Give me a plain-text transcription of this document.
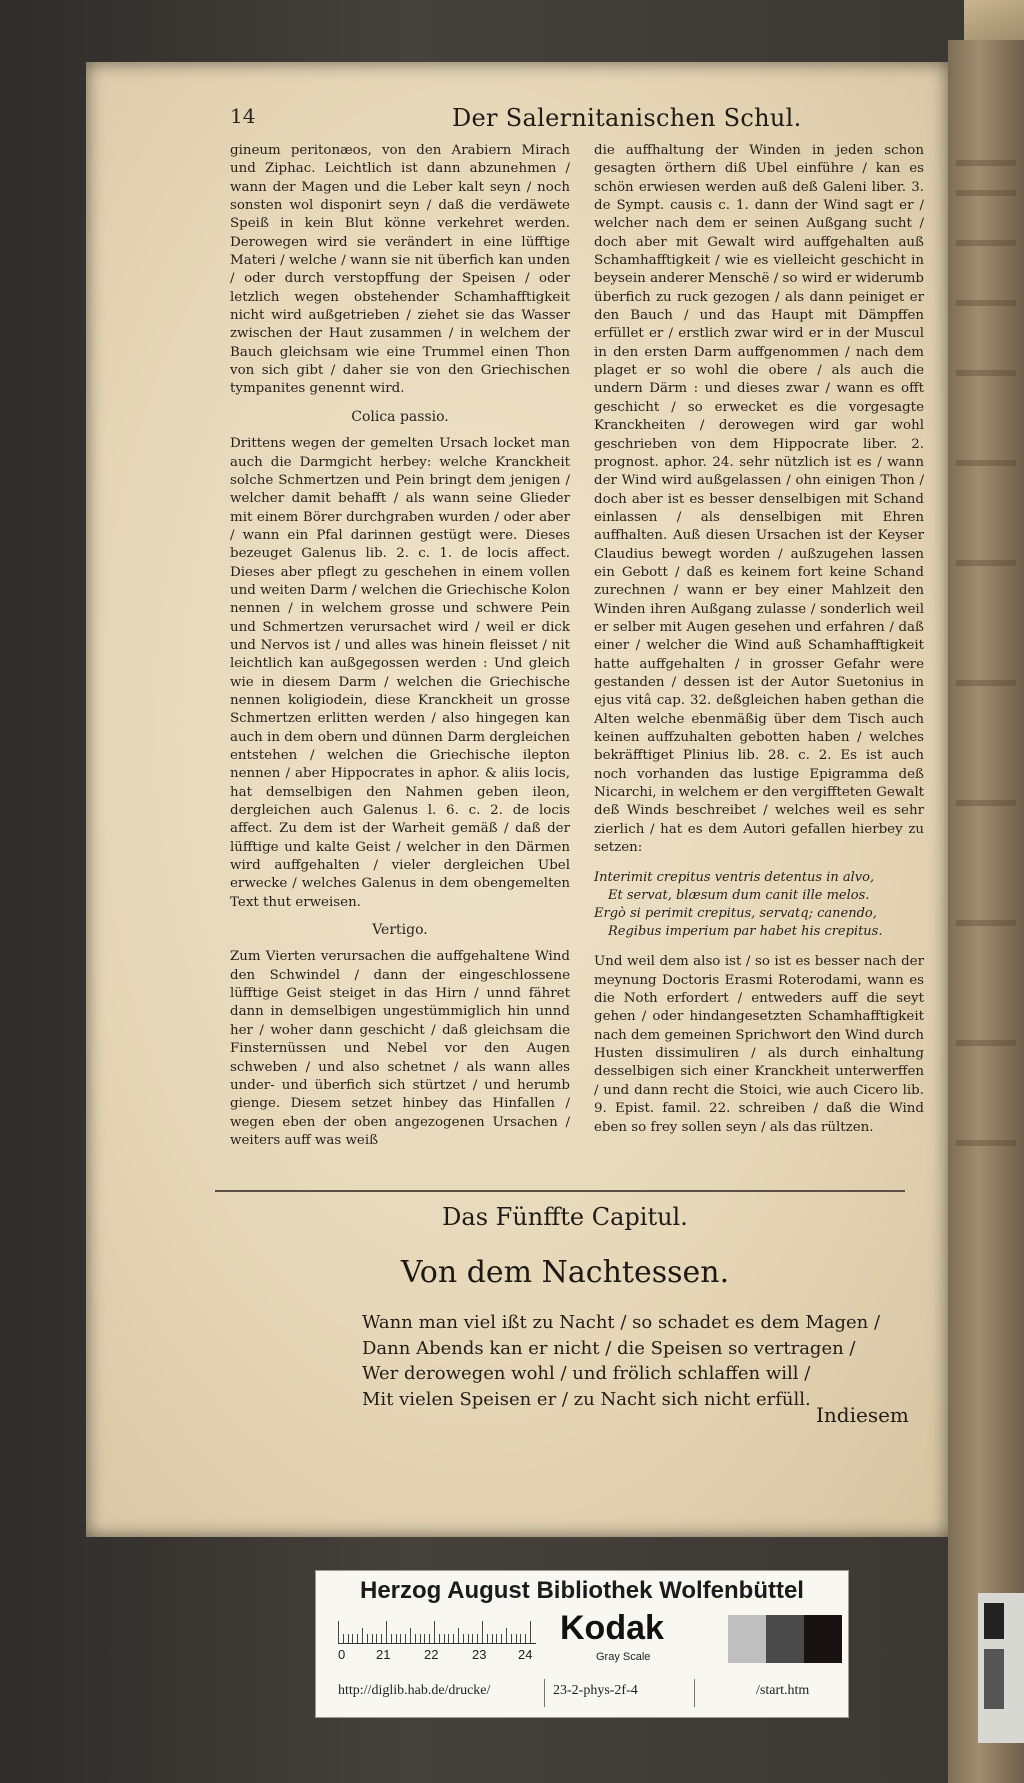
14	Der Salernitanischen Schul.

gineum peritonæos, von den Arabiern Mirach und Ziphac. Leichtlich ist dann abzunehmen / wann der Magen und die Leber kalt seyn / noch sonsten wol disponirt seyn / daß die verdäwete Speiß in kein Blut könne verkehret werden. Derowegen wird sie verändert in eine lüfftige Materi / welche / wann sie nit überfich kan unden / oder durch verstopffung der Speisen / oder letzlich wegen obstehender Schamhafftigkeit nicht wird außgetrieben / ziehet sie das Wasser zwischen der Haut zusammen / in welchem der Bauch gleichsam wie eine Trummel einen Thon von sich gibt / daher sie von den Griechischen tympanites genennt wird.

Colica passio.

Drittens wegen der gemelten Ursach locket man auch die Darmgicht herbey: welche Kranckheit solche Schmertzen und Pein bringt dem jenigen / welcher damit behafft / als wann seine Glieder mit einem Börer durchgraben wurden / oder aber / wann ein Pfal darinnen gestügt were. Dieses bezeuget Galenus lib. 2. c. 1. de locis affect. Dieses aber pflegt zu geschehen in einem vollen und weiten Darm / welchen die Griechische Kolon nennen / in welchem grosse und schwere Pein und Schmertzen verursachet wird / weil er dick und Nervos ist / und alles was hinein fleisset / nit leichtlich kan außgegossen werden : Und gleich wie in diesem Darm / welchen die Griechische nennen koligiodein, diese Kranckheit un grosse Schmertzen erlitten werden / also hingegen kan auch in dem obern und dünnen Darm dergleichen entstehen / welchen die Griechische ilepton nennen / aber Hippocrates in aphor. & aliis locis, hat demselbigen den Nahmen geben ileon, dergleichen auch Galenus l. 6. c. 2. de locis affect. Zu dem ist der Warheit gemäß / daß der lüfftige und kalte Geist / welcher in den Därmen wird auffgehalten / vieler dergleichen Ubel erwecke / welches Galenus in dem obengemelten Text thut erweisen.

Vertigo.

Zum Vierten verursachen die auffgehaltene Wind den Schwindel / dann der eingeschlossene lüfftige Geist steiget in das Hirn / unnd fähret dann in demselbigen ungestümmiglich hin unnd her / woher dann geschicht / daß gleichsam die Finsternüssen und Nebel vor den Augen schweben / und also schetnet / als wann alles under- und überfich sich stürtzet / und herumb gienge. Diesem setzet hinbey das Hinfallen / wegen eben der oben angezogenen Ursachen / weiters auff was weiß

die auffhaltung der Winden in jeden schon gesagten örthern diß Ubel einführe / kan es schön erwiesen werden auß deß Galeni liber. 3. de Sympt. causis c. 1. dann der Wind sagt er / welcher nach dem er seinen Außgang sucht / doch aber mit Gewalt wird auffgehalten auß Schamhafftigkeit / wie es vielleicht geschicht in beysein anderer Menschë / so wird er widerumb überfich zu ruck gezogen / als dann peiniget er den Bauch / und das Haupt mit Dämpffen erfüllet er / erstlich zwar wird er in der Muscul in den ersten Darm auffgenommen / nach dem plaget er so wohl die obere / als auch die undern Därm : und dieses zwar / wann es offt geschicht / so erwecket es die vorgesagte Kranckheiten / derowegen wird gar wohl geschrieben von dem Hippocrate liber. 2. prognost. aphor. 24. sehr nützlich ist es / wann der Wind wird außgelassen / ohn einigen Thon / doch aber ist es besser denselbigen mit Schand einlassen / als denselbigen mit Ehren auffhalten. Auß diesen Ursachen ist der Keyser Claudius bewegt worden / außzugehen lassen ein Gebott / daß es keinem fort keine Schand zurechnen / wann er bey einer Mahlzeit den Winden ihren Außgang zulasse / sonderlich weil er selber mit Augen gesehen und erfahren / daß einer / welcher die Wind auß Schamhafftigkeit hatte auffgehalten / in grosser Gefahr were gestanden / dessen ist der Autor Suetonius in ejus vitâ cap. 32. deßgleichen haben gethan die Alten welche ebenmäßig über dem Tisch auch keinen auffzuhalten gebotten haben / welches bekräfftiget Plinius lib. 28. c. 2. Es ist auch noch vorhanden das lustige Epigramma deß Nicarchi, in welchem er den vergiffteten Gewalt deß Winds beschreibet / welches weil es sehr zierlich / hat es dem Autori gefallen hierbey zu setzen:

Interimit crepitus ventris detentus in alvo,
Et servat, blæsum dum canit ille melos.
Ergò si perimit crepitus, servatq; canendo,
Regibus imperium par habet his crepitus.

Und weil dem also ist / so ist es besser nach der meynung Doctoris Erasmi Roterodami, wann es die Noth erfordert / entweders auff die seyt gehen / oder hindangesetzten Schamhafftigkeit nach dem gemeinen Sprichwort den Wind durch Husten dissimuliren / als durch einhaltung desselbigen sich einer Kranckheit unterwerffen / und dann recht die Stoici, wie auch Cicero lib. 9. Epist. famil. 22. schreiben / daß die Wind eben so frey sollen seyn / als das rültzen.

Das Fünffte Capitul.
Von dem Nachtessen.
Wann man viel ißt zu Nacht / so schadet es dem Magen /
Dann Abends kan er nicht / die Speisen so vertragen /
Wer derowegen wohl / und frölich schlaffen will /
Mit vielen Speisen er / zu Nacht sich nicht erfüll.
Indiesem
Herzog August Bibliothek Wolfenbüttel
0 21	22	23 24
Kodak
Gray Scale
http://diglib.hab.de/drucke/	23-2-phys-2f-4	/start.htm
